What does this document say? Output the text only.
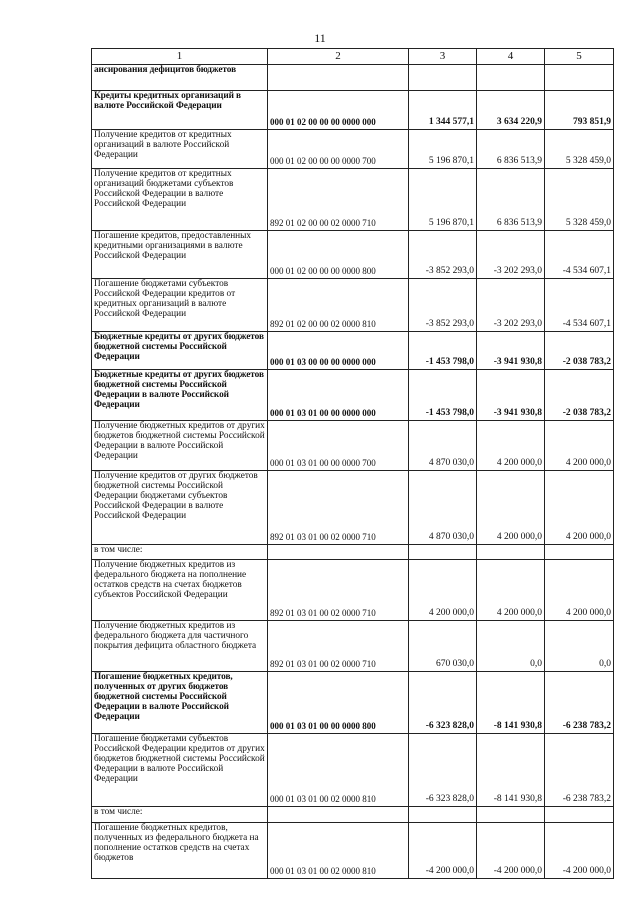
11
1	2	3	4	5
ансирования дефицитов бюджетов				
Кредиты кредитных организаций в валюте Российской Федерации	000 01 02 00 00 00 0000 000	1 344 577,1	3 634 220,9	793 851,9
Получение кредитов от кредитных организаций в валюте Российской Федерации	000 01 02 00 00 00 0000 700	5 196 870,1	6 836 513,9	5 328 459,0
Получение кредитов от кредитных организаций бюджетами субъектов Российской Федерации в валюте Российской Федерации	892 01 02 00 00 02 0000 710	5 196 870,1	6 836 513,9	5 328 459,0
Погашение кредитов, предоставленных кредитными организациями в валюте Российской Федерации	000 01 02 00 00 00 0000 800	-3 852 293,0	-3 202 293,0	-4 534 607,1
Погашение бюджетами субъектов Российской Федерации кредитов от кредитных организаций в валюте Российской Федерации	892 01 02 00 00 02 0000 810	-3 852 293,0	-3 202 293,0	-4 534 607,1
Бюджетные кредиты от других бюджетов бюджетной системы Российской Федерации	000 01 03 00 00 00 0000 000	-1 453 798,0	-3 941 930,8	-2 038 783,2
Бюджетные кредиты от других бюджетов бюджетной системы Российской Федерации в валюте Российской Федерации	000 01 03 01 00 00 0000 000	-1 453 798,0	-3 941 930,8	-2 038 783,2
Получение бюджетных кредитов от других бюджетов бюджетной системы Российской Федерации в валюте Российской Федерации	000 01 03 01 00 00 0000 700	4 870 030,0	4 200 000,0	4 200 000,0
Получение кредитов от других бюджетов бюджетной системы Российской Федерации бюджетами субъектов Российской Федерации в валюте Российской Федерации	892 01 03 01 00 02 0000 710	4 870 030,0	4 200 000,0	4 200 000,0
в том числе:				
Получение бюджетных кредитов из федерального бюджета на пополнение остатков средств на счетах бюджетов субъектов Российской Федерации	892 01 03 01 00 02 0000 710	4 200 000,0	4 200 000,0	4 200 000,0
Получение бюджетных кредитов из федерального бюджета для частичного покрытия дефицита областного бюджета	892 01 03 01 00 02 0000 710	670 030,0	0,0	0,0
Погашение бюджетных кредитов, полученных от других бюджетов бюджетной системы Российской Федерации в валюте Российской Федерации	000 01 03 01 00 00 0000 800	-6 323 828,0	-8 141 930,8	-6 238 783,2
Погашение бюджетами субъектов Российской Федерации кредитов от других бюджетов бюджетной системы Российской Федерации в валюте Российской Федерации	000 01 03 01 00 02 0000 810	-6 323 828,0	-8 141 930,8	-6 238 783,2
в том числе:				
Погашение бюджетных кредитов, полученных из федерального бюджета на пополнение остатков средств на счетах бюджетов	000 01 03 01 00 02 0000 810	-4 200 000,0	-4 200 000,0	-4 200 000,0
